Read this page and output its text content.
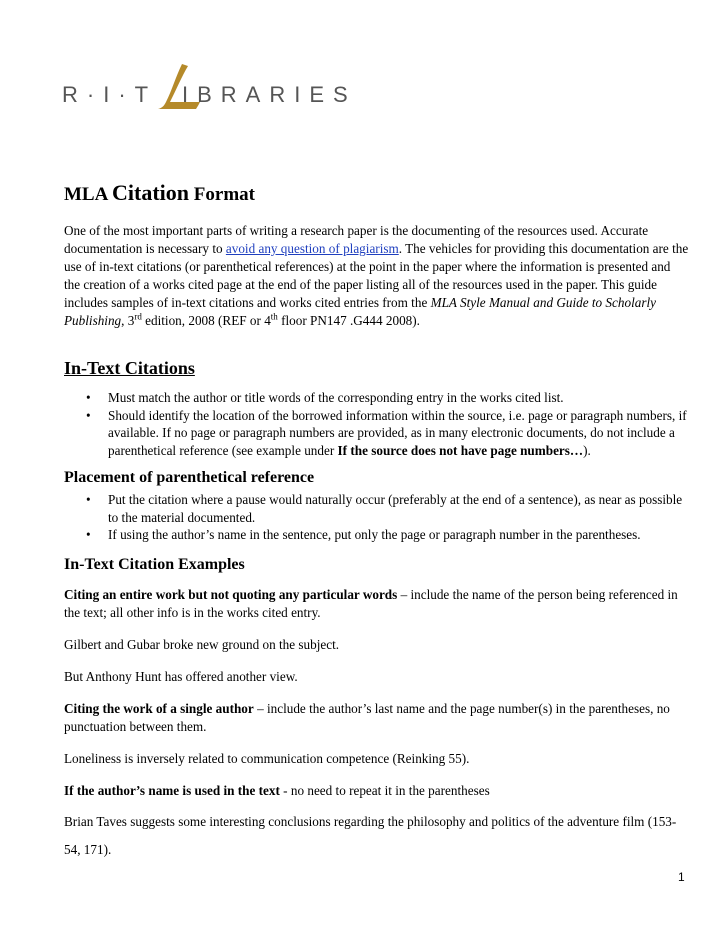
R·I·T IBRARIES
MLA Citation Format

One of the most important parts of writing a research paper is the documenting of the resources used. Accurate documentation is necessary to avoid any question of plagiarism. The vehicles for providing this documentation are the use of in-text citations (or parenthetical references) at the point in the paper where the information is presented and the creation of a works cited page at the end of the paper listing all of the resources used in the paper. This guide includes samples of in-text citations and works cited entries from the MLA Style Manual and Guide to Scholarly Publishing, 3rd edition, 2008 (REF or 4th floor PN147 .G444 2008).

In-Text Citations
• Must match the author or title words of the corresponding entry in the works cited list.
• Should identify the location of the borrowed information within the source, i.e. page or paragraph numbers, if available. If no page or paragraph numbers are provided, as in many electronic documents, do not include a parenthetical reference (see example under If the source does not have page numbers…).
Placement of parenthetical reference
• Put the citation where a pause would naturally occur (preferably at the end of a sentence), as near as possible to the material documented.
• If using the author’s name in the sentence, put only the page or paragraph number in the parentheses.
In-Text Citation Examples

Citing an entire work but not quoting any particular words – include the name of the person being referenced in the text; all other info is in the works cited entry.

Gilbert and Gubar broke new ground on the subject.

But Anthony Hunt has offered another view.

Citing the work of a single author – include the author’s last name and the page number(s) in the parentheses, no punctuation between them.

Loneliness is inversely related to communication competence (Reinking 55).

If the author’s name is used in the text - no need to repeat it in the parentheses

Brian Taves suggests some interesting conclusions regarding the philosophy and politics of the adventure film (153-54, 171).

1
